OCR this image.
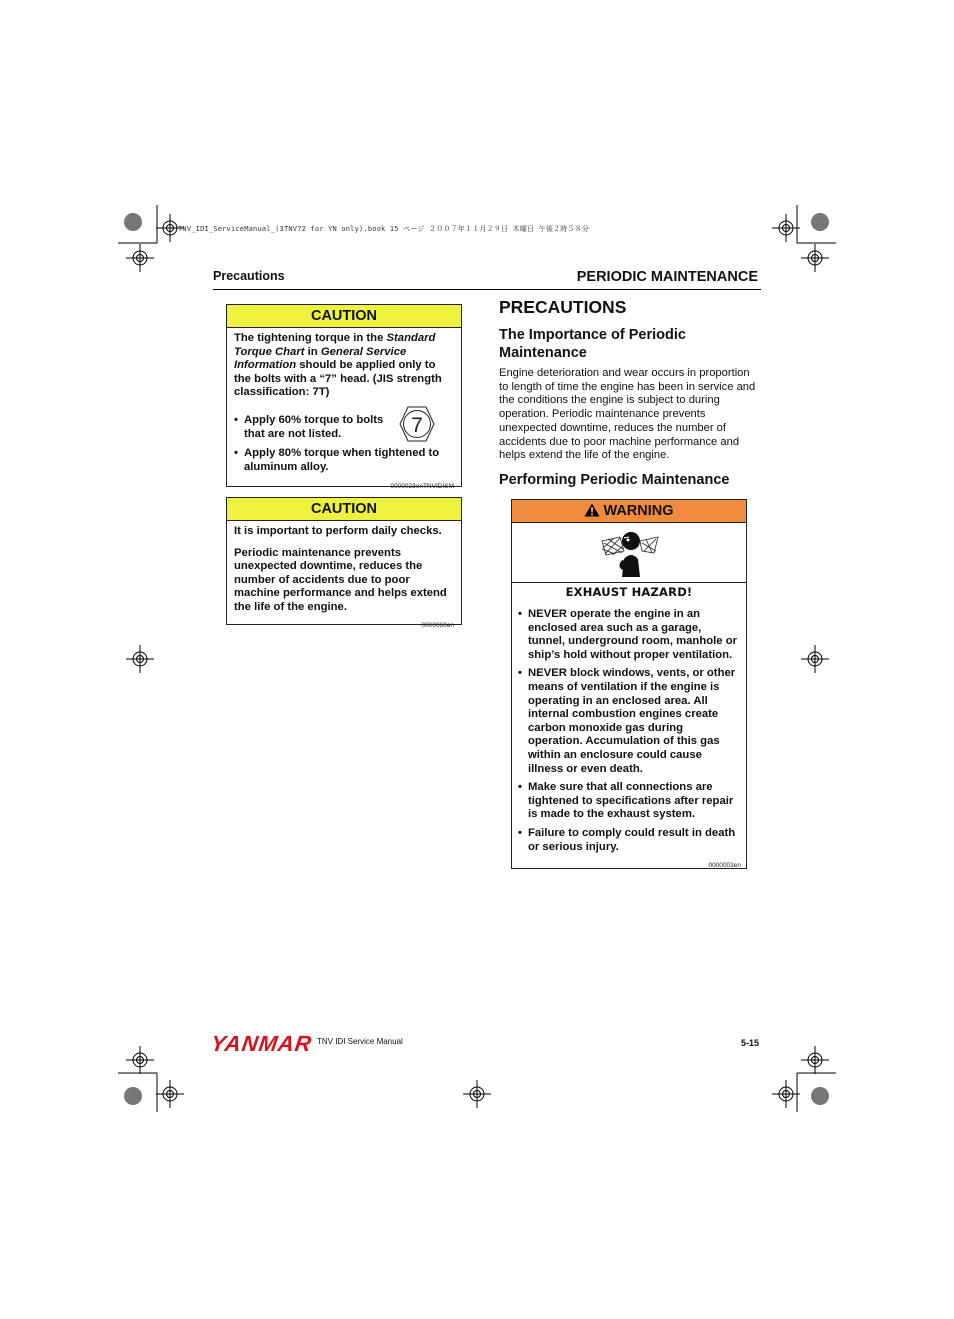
TNV_IDI_ServiceManual_(3TNV72 for YN only).book 15 ページ ２００７年１１月２９日 木曜日 午後２時５８分
Precautions	PERIODIC MAINTENANCE
CAUTION

The tightening torque in the Standard Torque Chart in General Service Information should be applied only to the bolts with a “7” head. (JIS strength classification: 7T)

• Apply 60% torque to bolts that are not listed.
• Apply 80% torque when tightened to aluminum alloy.
0000023enTNVIDISM
7
CAUTION

It is important to perform daily checks.

Periodic maintenance prevents unexpected downtime, reduces the number of accidents due to poor machine performance and helps extend the life of the engine.

0000060en
PRECAUTIONS
The Importance of Periodic Maintenance
Engine deterioration and wear occurs in proportion to length of time the engine has been in service and the conditions the engine is subject to during operation. Periodic maintenance prevents unexpected downtime, reduces the number of accidents due to poor machine performance and helps extend the life of the engine.
Performing Periodic Maintenance
WARNING
EXHAUST HAZARD!
• NEVER operate the engine in an enclosed area such as a garage, tunnel, underground room, manhole or ship’s hold without proper ventilation.
• NEVER block windows, vents, or other means of ventilation if the engine is operating in an enclosed area. All internal combustion engines create carbon monoxide gas during operation. Accumulation of this gas within an enclosure could cause illness or even death.
• Make sure that all connections are tightened to specifications after repair is made to the exhaust system.
• Failure to comply could result in death or serious injury.
0000003en
YANMAR TNV IDI Service Manual	5-15
